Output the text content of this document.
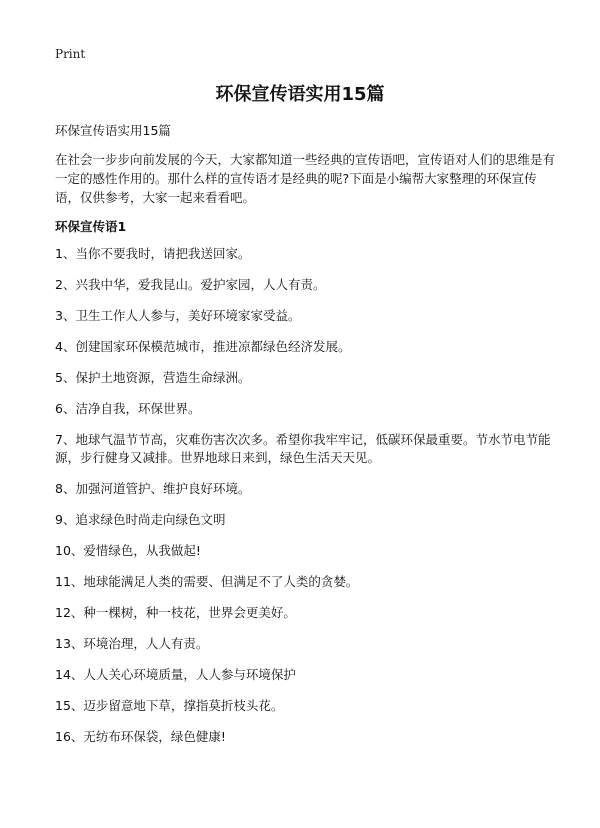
Print
环保宣传语实用15篇

环保宣传语实用15篇

在社会一步步向前发展的今天，大家都知道一些经典的宣传语吧，宣传语对人们的思维是有一定的感性作用的。那什么样的宣传语才是经典的呢?下面是小编帮大家整理的环保宣传语，仅供参考，大家一起来看看吧。

环保宣传语1
1、当你不要我时，请把我送回家。
2、兴我中华，爱我昆山。爱护家园，人人有责。
3、卫生工作人人参与，美好环境家家受益。
4、创建国家环保模范城市，推进凉都绿色经济发展。
5、保护土地资源，营造生命绿洲。
6、洁净自我，环保世界。
7、地球气温节节高，灾难伤害次次多。希望你我牢牢记，低碳环保最重要。节水节电节能源，步行健身又减排。世界地球日来到，绿色生活天天见。
8、加强河道管护、维护良好环境。
9、追求绿色时尚走向绿色文明
10、爱惜绿色，从我做起!
11、地球能满足人类的需要、但满足不了人类的贪婪。
12、种一棵树，种一枝花，世界会更美好。
13、环境治理，人人有责。
14、人人关心环境质量，人人参与环境保护
15、迈步留意地下草，撑指莫折枝头花。
16、无纺布环保袋，绿色健康!
